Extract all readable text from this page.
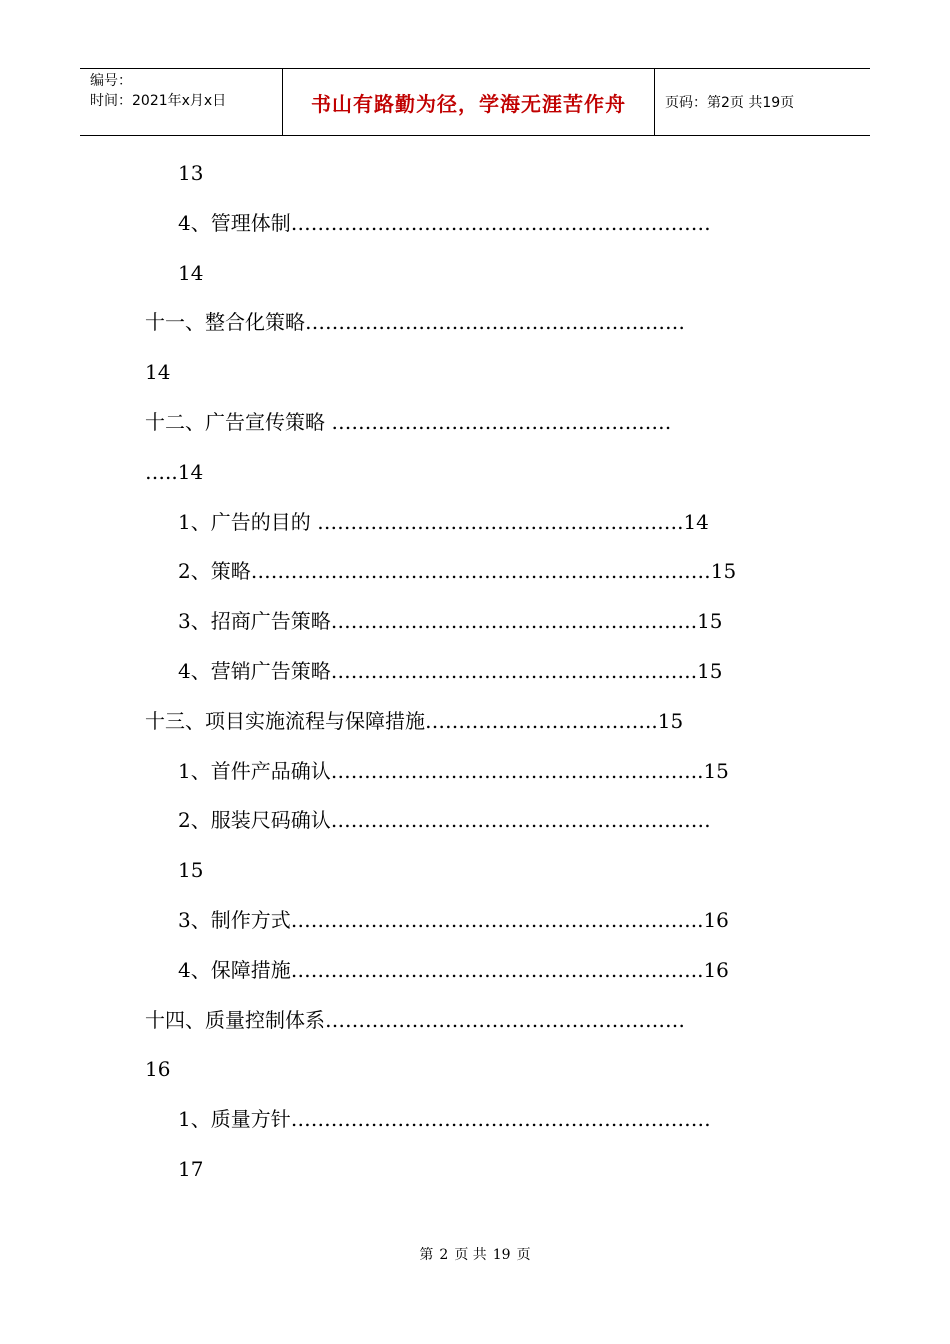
编号：
时间：2021年x月x日	书山有路勤为径，学海无涯苦作舟	页码：第2页 共19页
13
4、管理体制………………………………………………………
14
十一、整合化策略…………………………………………………
14
十二、广告宣传策略 ……………………………………………
…..14
1、广告的目的 ……………………………………………….14
2、策略……………………………………………………………15
3、招商广告策略……………………………………………….15
4、营销广告策略……………………………………………….15
十三、项目实施流程与保障措施……………………………..15
1、首件产品确认………………………………………………..15
2、服装尺码确认…………………………………………………
15
3、制作方式……………………………………………………..16
4、保障措施……………………………………………………..16
十四、质量控制体系………………………………………………
16
1、质量方针………………………………………………………
17
第 2 页 共 19 页
